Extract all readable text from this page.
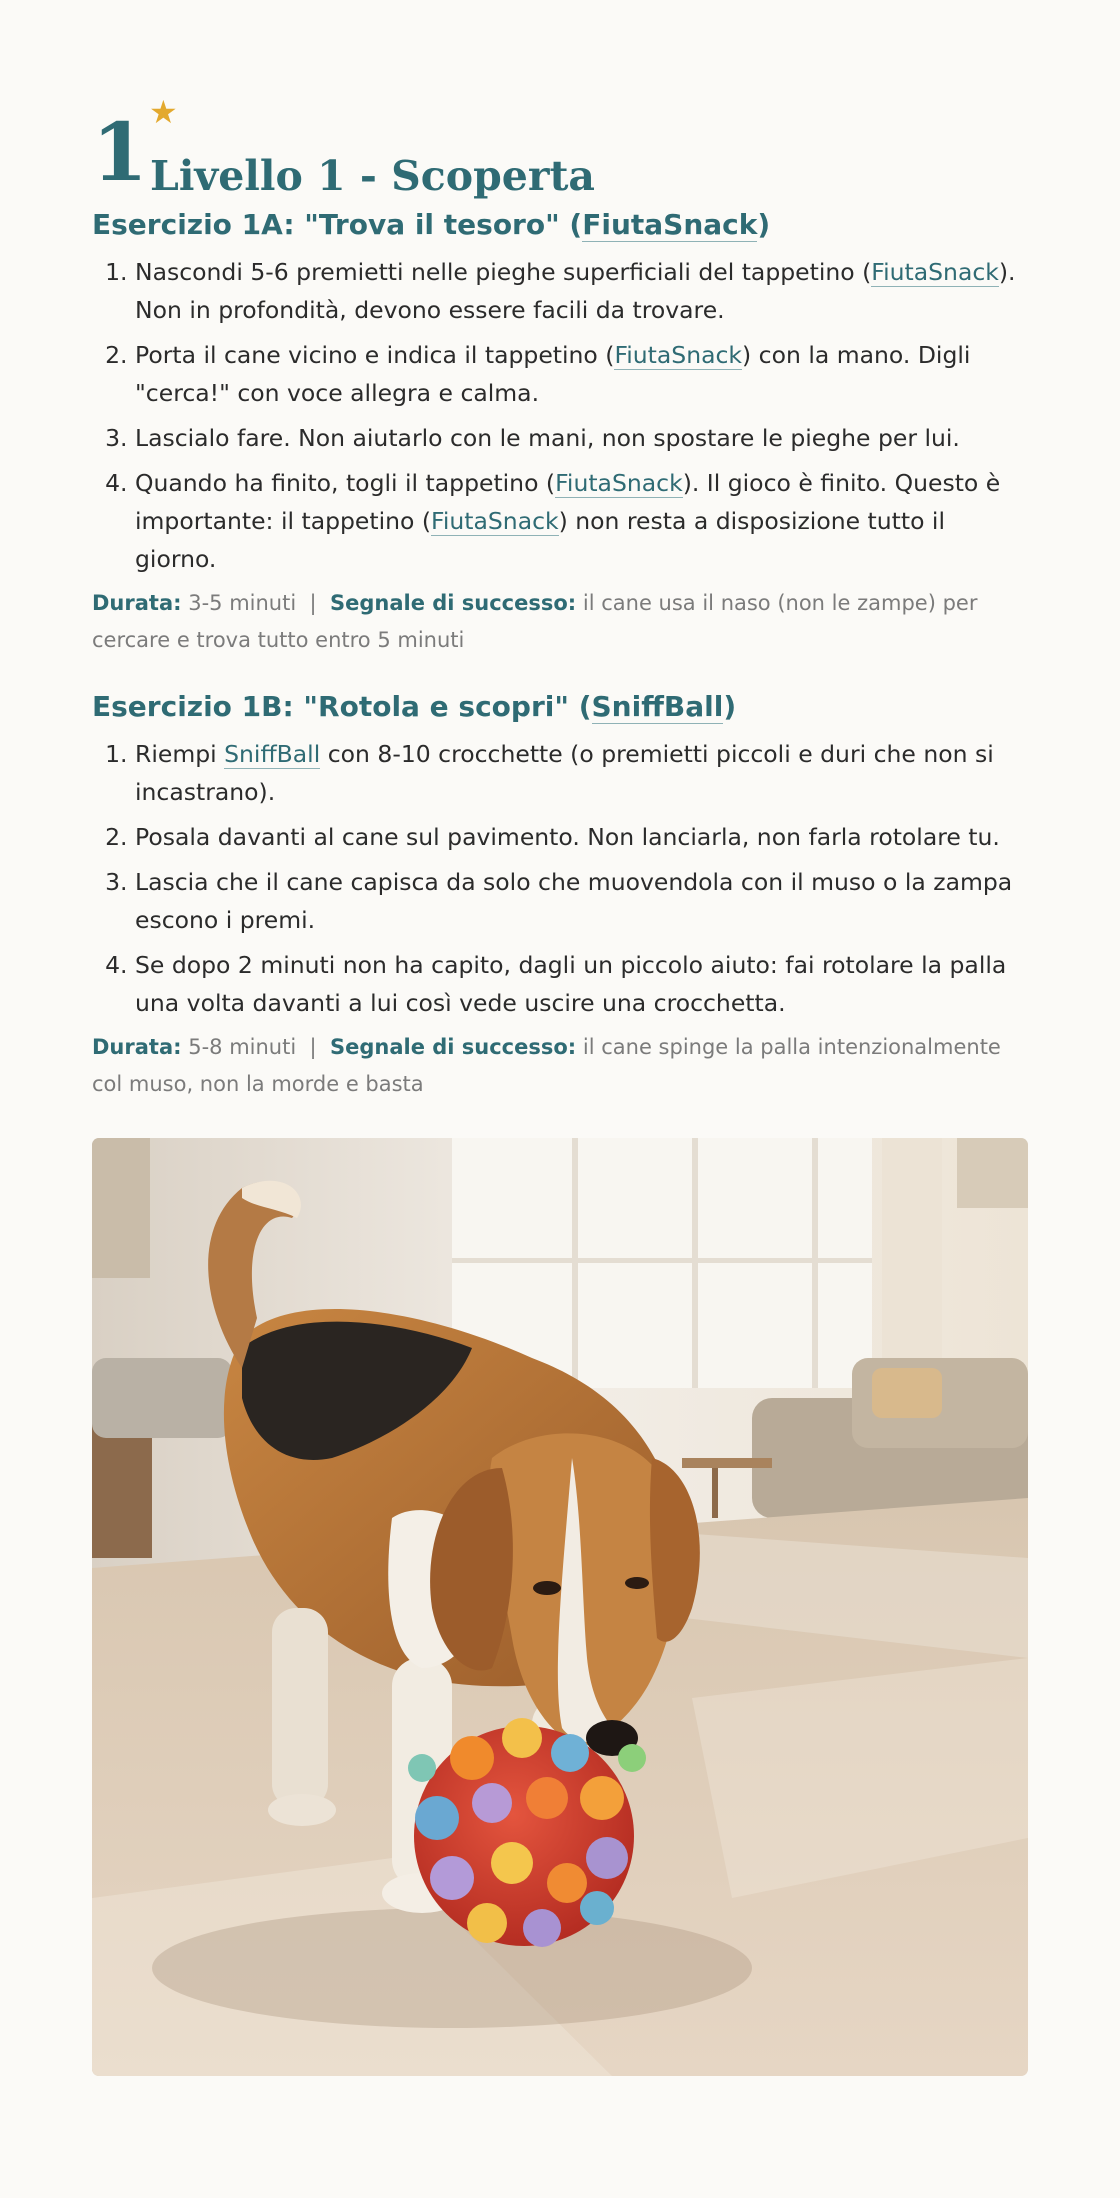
1 ★
Livello 1 - Scoperta
Esercizio 1A: "Trova il tesoro" (FiutaSnack)
1. Nascondi 5-6 premietti nelle pieghe superficiali del tappetino (FiutaSnack). Non in profondità, devono essere facili da trovare.
2. Porta il cane vicino e indica il tappetino (FiutaSnack) con la mano. Digli "cerca!" con voce allegra e calma.
3. Lascialo fare. Non aiutarlo con le mani, non spostare le pieghe per lui.
4. Quando ha finito, togli il tappetino (FiutaSnack). Il gioco è finito. Questo è importante: il tappetino (FiutaSnack) non resta a disposizione tutto il giorno.
Durata: 3-5 minuti | Segnale di successo: il cane usa il naso (non le zampe) per cercare e trova tutto entro 5 minuti
Esercizio 1B: "Rotola e scopri" (SniffBall)
1. Riempi SniffBall con 8-10 crocchette (o premietti piccoli e duri che non si incastrano).
2. Posala davanti al cane sul pavimento. Non lanciarla, non farla rotolare tu.
3. Lascia che il cane capisca da solo che muovendola con il muso o la zampa escono i premi.
4. Se dopo 2 minuti non ha capito, dagli un piccolo aiuto: fai rotolare la palla una volta davanti a lui così vede uscire una crocchetta.
Durata: 5-8 minuti | Segnale di successo: il cane spinge la palla intenzionalmente col muso, non la morde e basta
